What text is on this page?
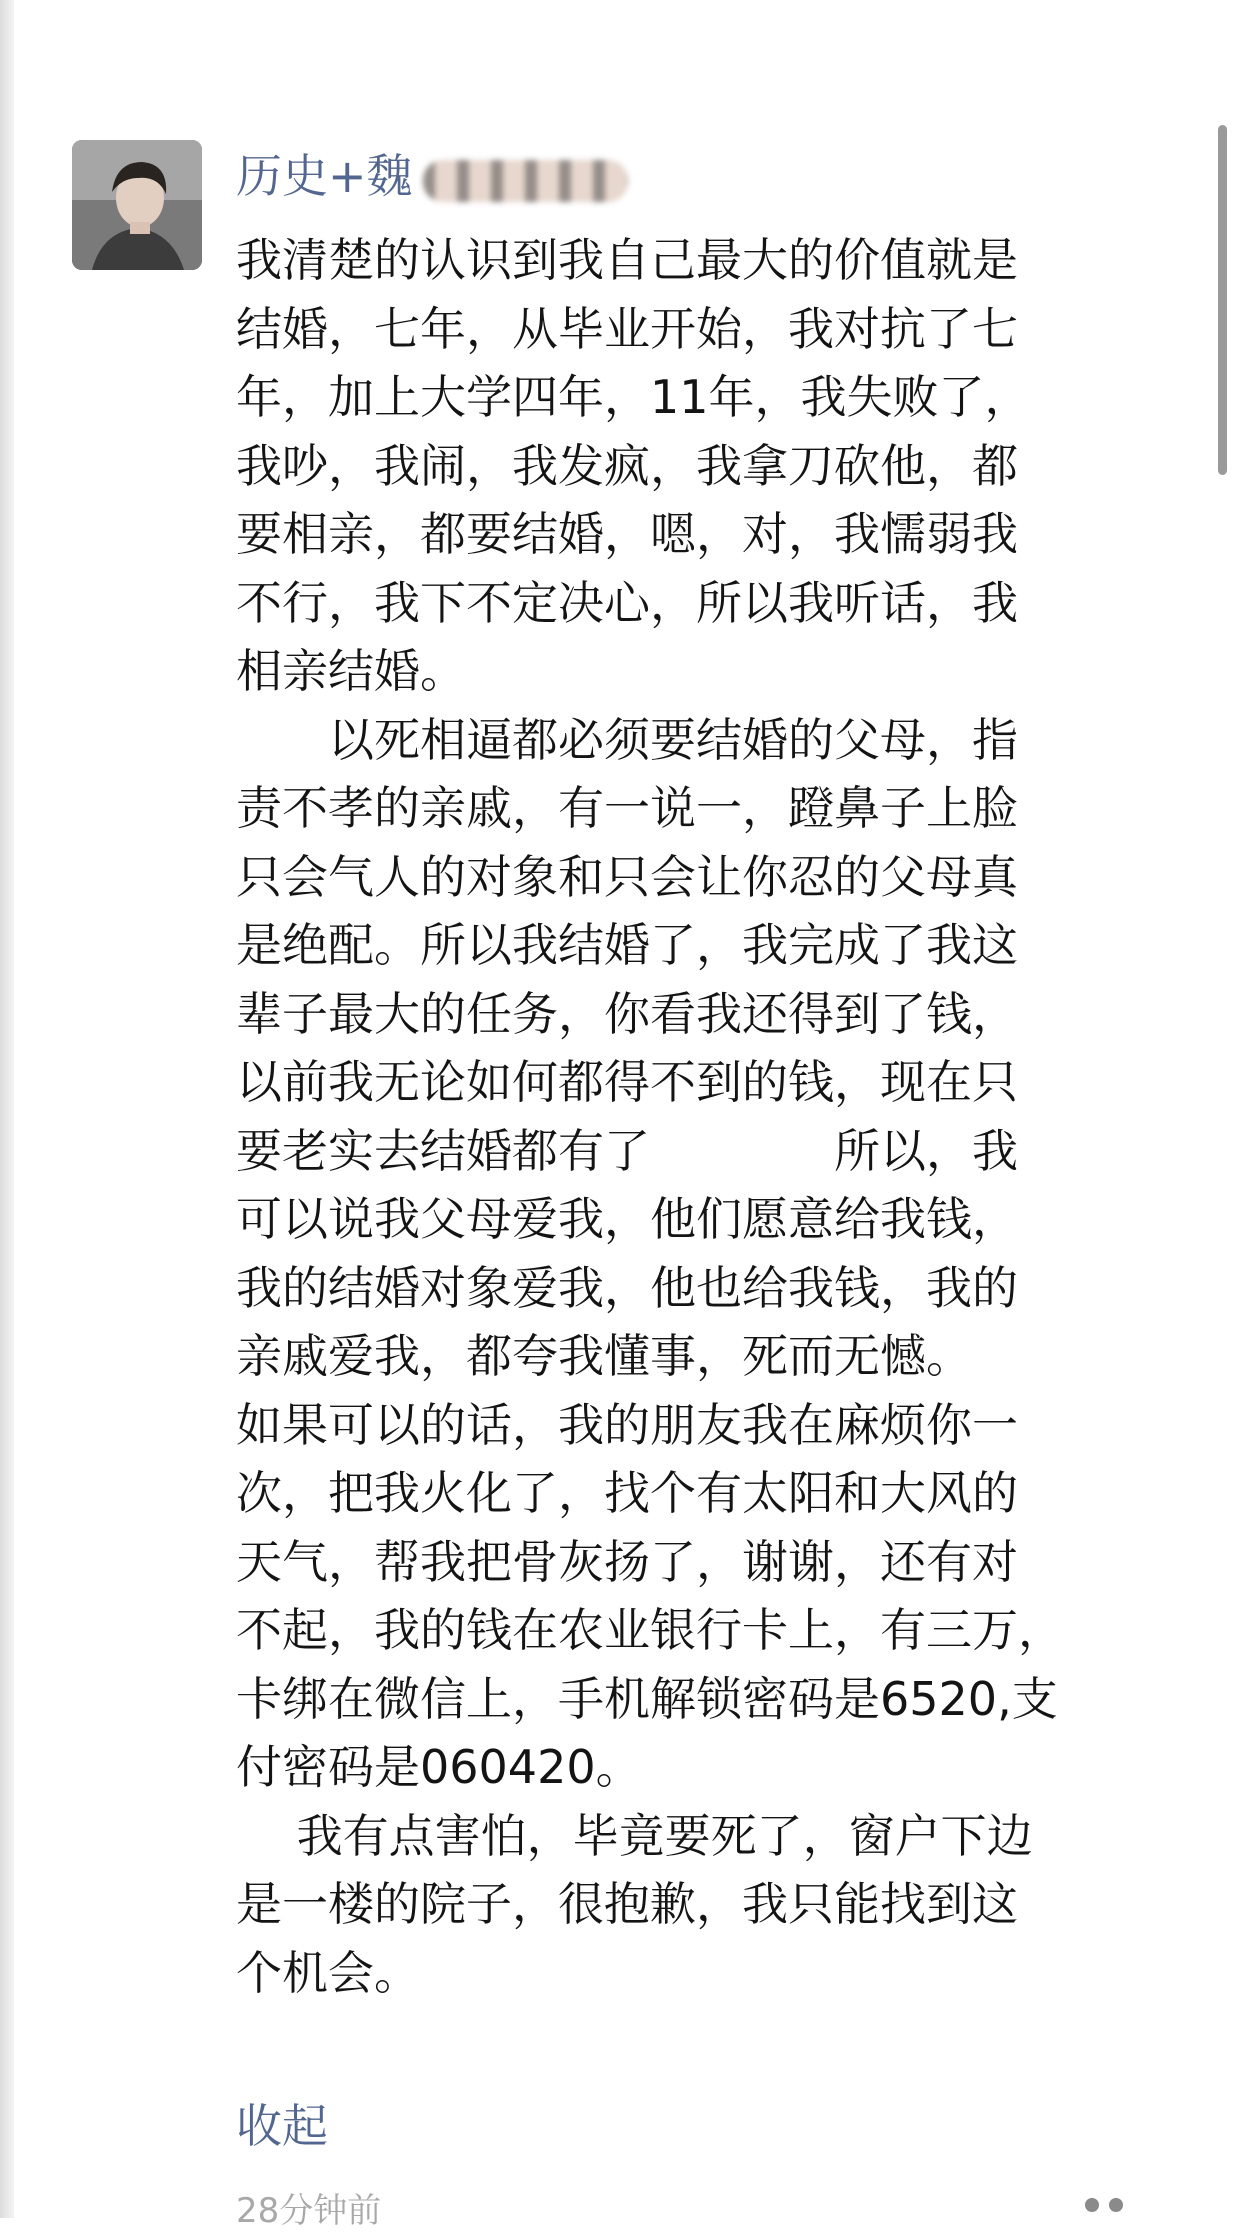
历史+魏

我清楚的认识到我自己最大的价值就是
结婚，七年，从毕业开始，我对抗了七
年，加上大学四年，11年，我失败了，
我吵，我闹，我发疯，我拿刀砍他，都
要相亲，都要结婚，嗯，对，我懦弱我
不行，我下不定决心，所以我听话，我
相亲结婚。
　　以死相逼都必须要结婚的父母，指
责不孝的亲戚，有一说一，蹬鼻子上脸
只会气人的对象和只会让你忍的父母真
是绝配。所以我结婚了，我完成了我这
辈子最大的任务，你看我还得到了钱，
以前我无论如何都得不到的钱，现在只
要老实去结婚都有了　　　　所以，我
可以说我父母爱我，他们愿意给我钱，
我的结婚对象爱我，他也给我钱，我的
亲戚爱我，都夸我懂事，死而无憾。
如果可以的话，我的朋友我在麻烦你一
次，把我火化了，找个有太阳和大风的
天气，帮我把骨灰扬了，谢谢，还有对
不起，我的钱在农业银行卡上，有三万，
卡绑在微信上，手机解锁密码是6520,支
付密码是060420。
　 我有点害怕，毕竟要死了，窗户下边
是一楼的院子，很抱歉，我只能找到这
个机会。

收起
28分钟前
